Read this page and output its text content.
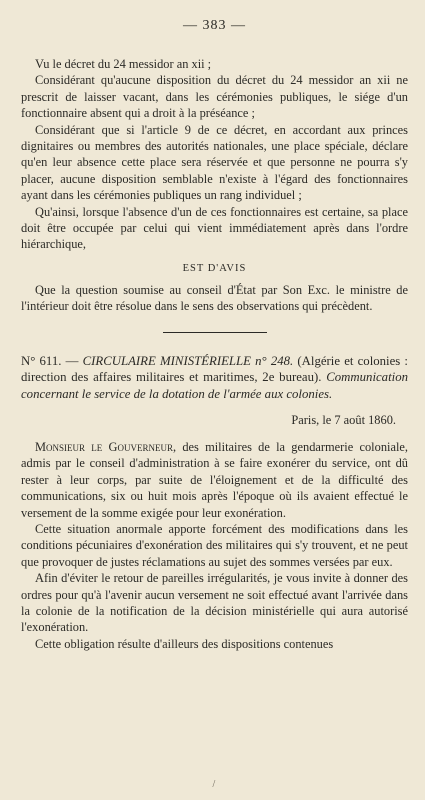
— 383 —

Vu le décret du 24 messidor an xii ;

Considérant qu'aucune disposition du décret du 24 messidor an xii ne prescrit de laisser vacant, dans les cérémonies publiques, le siége d'un fonctionnaire absent qui a droit à la préséance ;

Considérant que si l'article 9 de ce décret, en accordant aux princes dignitaires ou membres des autorités nationales, une place spéciale, déclare qu'en leur absence cette place sera réservée et que personne ne pourra s'y placer, aucune disposition semblable n'existe à l'égard des fonctionnaires ayant dans les cérémonies publiques un rang individuel ;

Qu'ainsi, lorsque l'absence d'un de ces fonctionnaires est certaine, sa place doit être occupée par celui qui vient immédiatement après dans l'ordre hiérarchique,

EST D'AVIS

Que la question soumise au conseil d'État par Son Exc. le ministre de l'intérieur doit être résolue dans le sens des observations qui précèdent.

N° 611. — CIRCULAIRE MINISTÉRIELLE n° 248. (Algérie et colonies : direction des affaires militaires et maritimes, 2e bureau). Communication concernant le service de la dotation de l'armée aux colonies.

Paris, le 7 août 1860.

Monsieur le Gouverneur, des militaires de la gendarmerie coloniale, admis par le conseil d'administration à se faire exonérer du service, ont dû rester à leur corps, par suite de l'éloignement et de la difficulté des communications, six ou huit mois après l'époque où ils avaient effectué le versement de la somme exigée pour leur exonération.

Cette situation anormale apporte forcément des modifications dans les conditions pécuniaires d'exonération des militaires qui s'y trouvent, et ne peut que provoquer de justes réclamations au sujet des sommes versées par eux.

Afin d'éviter le retour de pareilles irrégularités, je vous invite à donner des ordres pour qu'à l'avenir aucun versement ne soit effectué avant l'arrivée dans la colonie de la notification de la décision ministérielle qui aura autorisé l'exonération.

Cette obligation résulte d'ailleurs des dispositions contenues

/
